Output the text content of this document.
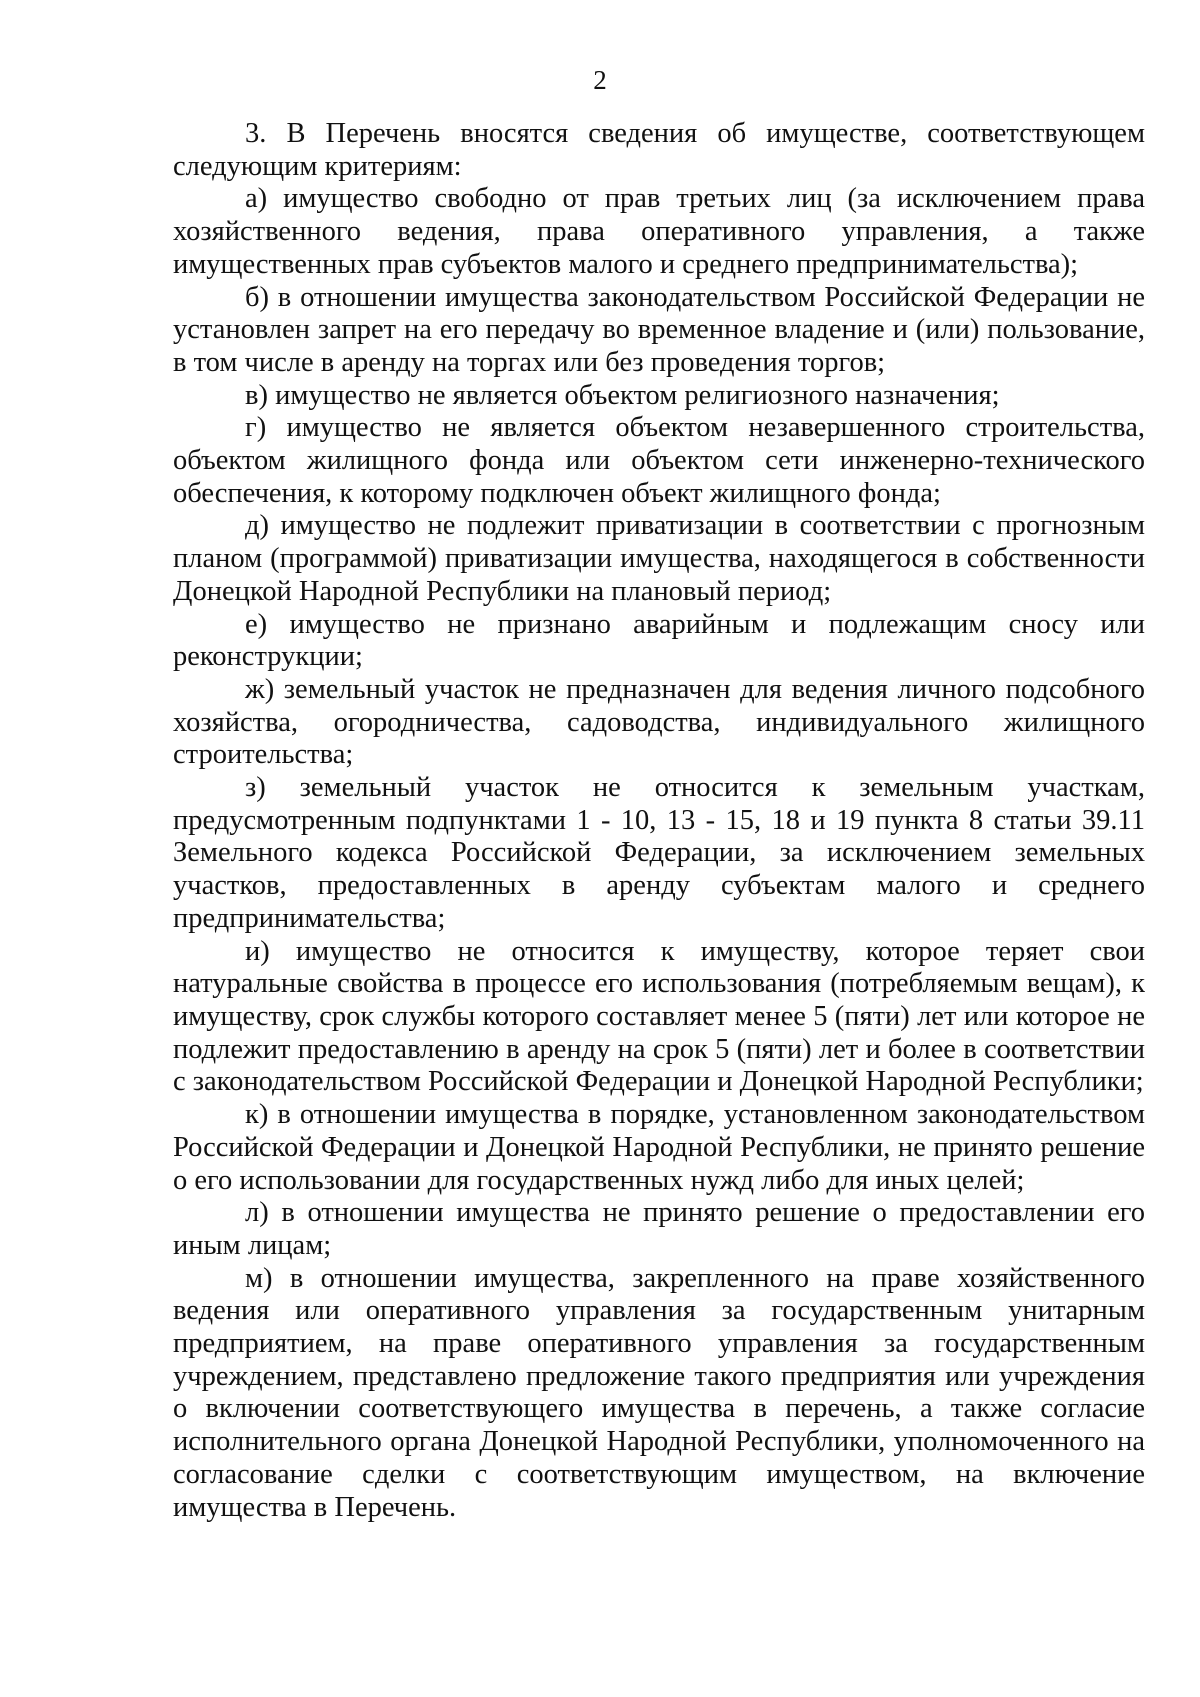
2

3. В Перечень вносятся сведения об имуществе, соответствующем следующим критериям:

а) имущество свободно от прав третьих лиц (за исключением права хозяйственного ведения, права оперативного управления, а также имущественных прав субъектов малого и среднего предпринимательства);

б) в отношении имущества законодательством Российской Федерации не установлен запрет на его передачу во временное владение и (или) пользование, в том числе в аренду на торгах или без проведения торгов;

в) имущество не является объектом религиозного назначения;

г) имущество не является объектом незавершенного строительства, объектом жилищного фонда или объектом сети инженерно-технического обеспечения, к которому подключен объект жилищного фонда;

д) имущество не подлежит приватизации в соответствии с прогнозным планом (программой) приватизации имущества, находящегося в собственности Донецкой Народной Республики на плановый период;

е) имущество не признано аварийным и подлежащим сносу или реконструкции;

ж) земельный участок не предназначен для ведения личного подсобного хозяйства, огородничества, садоводства, индивидуального жилищного строительства;

з) земельный участок не относится к земельным участкам, предусмотренным подпунктами 1 - 10, 13 - 15, 18 и 19 пункта 8 статьи 39.11 Земельного кодекса Российской Федерации, за исключением земельных участков, предоставленных в аренду субъектам малого и среднего предпринимательства;

и) имущество не относится к имуществу, которое теряет свои натуральные свойства в процессе его использования (потребляемым вещам), к имуществу, срок службы которого составляет менее 5 (пяти) лет или которое не подлежит предоставлению в аренду на срок 5 (пяти) лет и более в соответствии с законодательством Российской Федерации и Донецкой Народной Республики;

к) в отношении имущества в порядке, установленном законодательством Российской Федерации и Донецкой Народной Республики, не принято решение о его использовании для государственных нужд либо для иных целей;

л) в отношении имущества не принято решение о предоставлении его иным лицам;

м) в отношении имущества, закрепленного на праве хозяйственного ведения или оперативного управления за государственным унитарным предприятием, на праве оперативного управления за государственным учреждением, представлено предложение такого предприятия или учреждения о включении соответствующего имущества в перечень, а также согласие исполнительного органа Донецкой Народной Республики, уполномоченного на согласование сделки с соответствующим имуществом, на включение имущества в Перечень.
